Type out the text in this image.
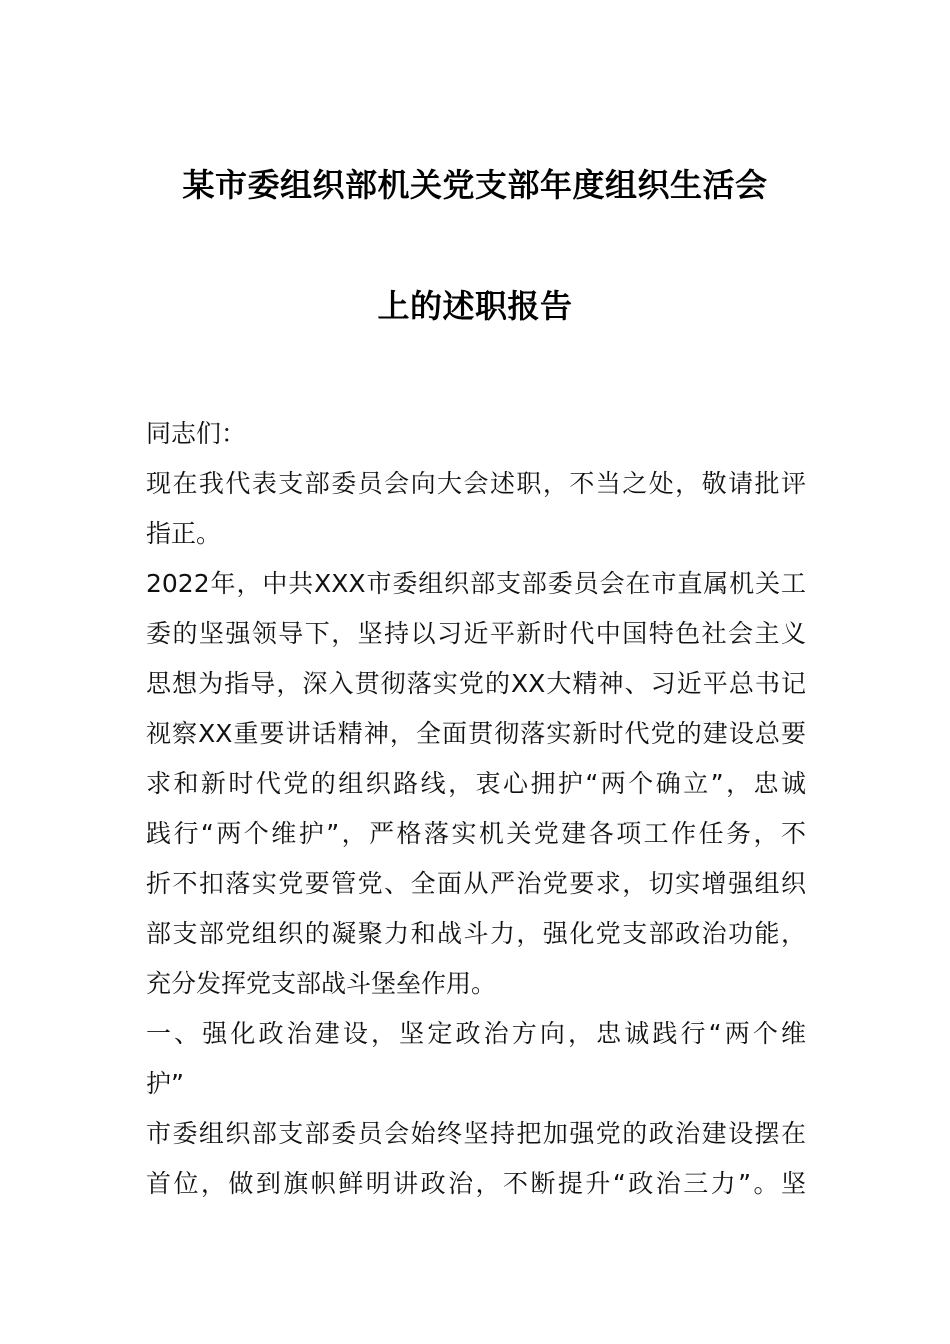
某市委组织部机关党支部年度组织生活会
上的述职报告
同志们：
现在我代表支部委员会向大会述职，不当之处，敬请批评
指正。
2022年，中共XXX市委组织部支部委员会在市直属机关工
委的坚强领导下，坚持以习近平新时代中国特色社会主义
思想为指导，深入贯彻落实党的XX大精神、习近平总书记
视察XX重要讲话精神，全面贯彻落实新时代党的建设总要
求和新时代党的组织路线，衷心拥护“两个确立”，忠诚
践行“两个维护”，严格落实机关党建各项工作任务，不
折不扣落实党要管党、全面从严治党要求，切实增强组织
部支部党组织的凝聚力和战斗力，强化党支部政治功能，
充分发挥党支部战斗堡垒作用。
一、强化政治建设，坚定政治方向，忠诚践行“两个维
护”
市委组织部支部委员会始终坚持把加强党的政治建设摆在
首位，做到旗帜鲜明讲政治，不断提升“政治三力”。坚
